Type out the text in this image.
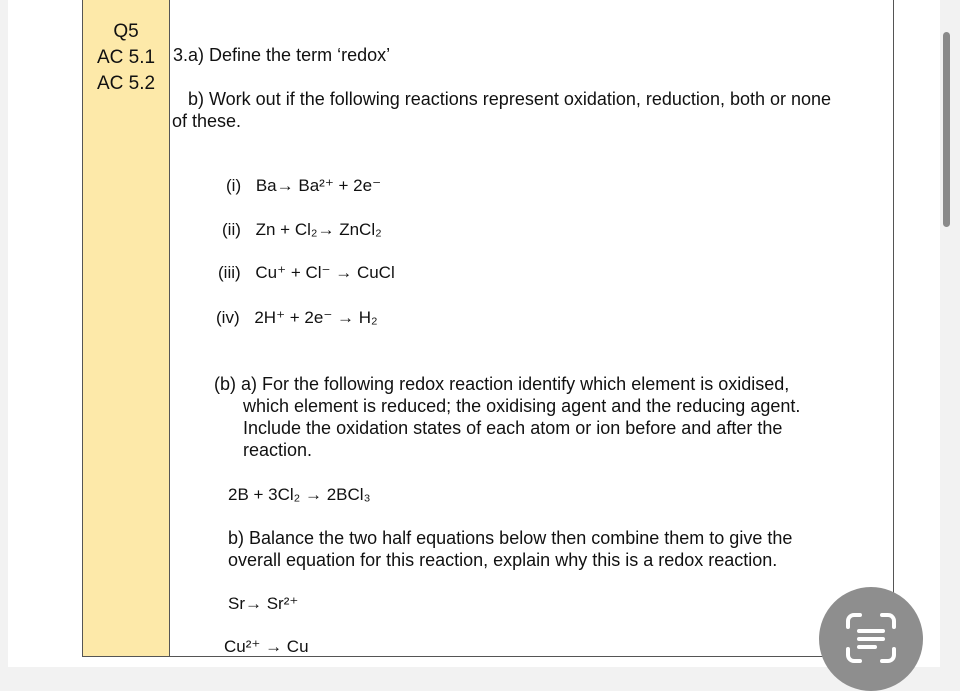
Q5
AC 5.1
AC 5.2
3.a) Define the term ‘redox’
b) Work out if the following reactions represent oxidation, reduction, both or none
of these.
(i) Ba→ Ba²⁺ + 2e⁻
(ii) Zn + Cl₂→ ZnCl₂
(iii) Cu⁺ + Cl⁻ → CuCl
(iv) 2H⁺ + 2e⁻ → H₂
(b) a) For the following redox reaction identify which element is oxidised,
which element is reduced; the oxidising agent and the reducing agent.
Include the oxidation states of each atom or ion before and after the
reaction.
2B + 3Cl₂ → 2BCl₃
b) Balance the two half equations below then combine them to give the
overall equation for this reaction, explain why this is a redox reaction.
Sr→ Sr²⁺
Cu²⁺ → Cu
